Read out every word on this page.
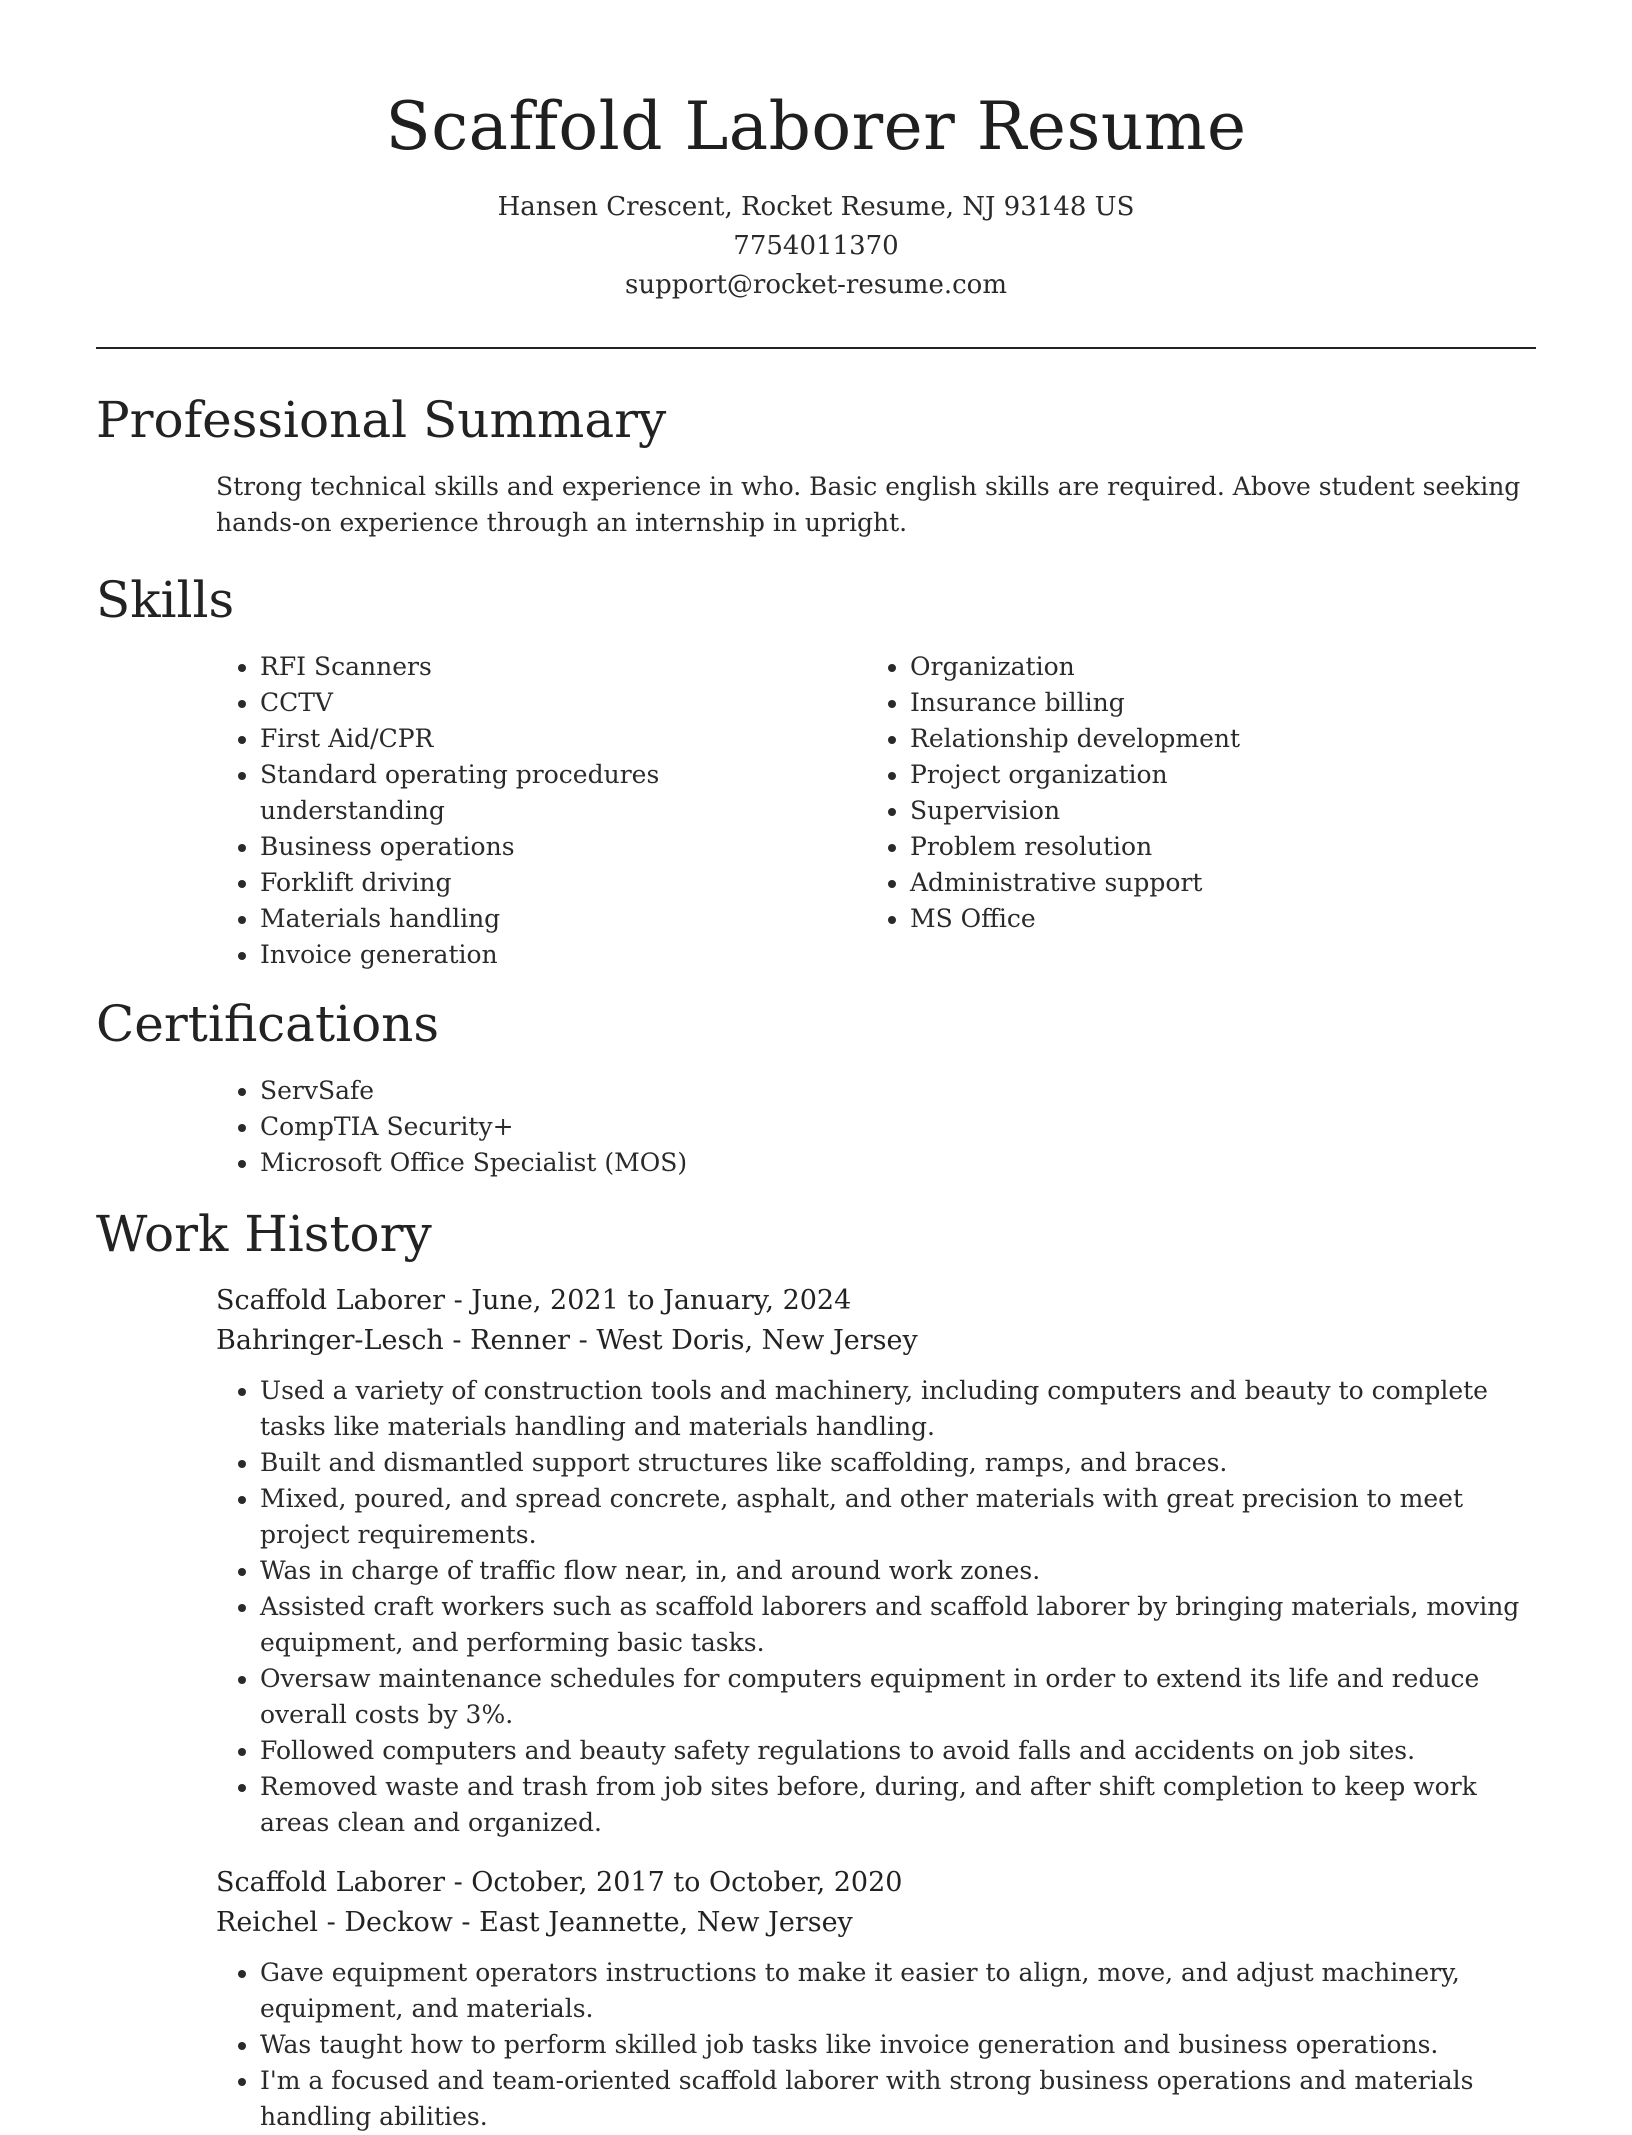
Scaffold Laborer Resume
Hansen Crescent, Rocket Resume, NJ 93148 US
7754011370
support@rocket-resume.com
Professional Summary

Strong technical skills and experience in who. Basic english skills are required. Above student seeking hands-on experience through an internship in upright.

Skills
• RFI Scanners
• CCTV
• First Aid/CPR
• Standard operating procedures understanding
• Business operations
• Forklift driving
• Materials handling
• Invoice generation
• Organization
• Insurance billing
• Relationship development
• Project organization
• Supervision
• Problem resolution
• Administrative support
• MS Office
Certifications
• ServSafe
• CompTIA Security+
• Microsoft Office Specialist (MOS)
Work History
Scaffold Laborer - June, 2021 to January, 2024
Bahringer-Lesch - Renner - West Doris, New Jersey
• Used a variety of construction tools and machinery, including computers and beauty to complete tasks like materials handling and materials handling.
• Built and dismantled support structures like scaffolding, ramps, and braces.
• Mixed, poured, and spread concrete, asphalt, and other materials with great precision to meet project requirements.
• Was in charge of traffic flow near, in, and around work zones.
• Assisted craft workers such as scaffold laborers and scaffold laborer by bringing materials, moving equipment, and performing basic tasks.
• Oversaw maintenance schedules for computers equipment in order to extend its life and reduce overall costs by 3%.
• Followed computers and beauty safety regulations to avoid falls and accidents on job sites.
• Removed waste and trash from job sites before, during, and after shift completion to keep work areas clean and organized.
Scaffold Laborer - October, 2017 to October, 2020
Reichel - Deckow - East Jeannette, New Jersey
• Gave equipment operators instructions to make it easier to align, move, and adjust machinery, equipment, and materials.
• Was taught how to perform skilled job tasks like invoice generation and business operations.
• I'm a focused and team-oriented scaffold laborer with strong business operations and materials handling abilities.
